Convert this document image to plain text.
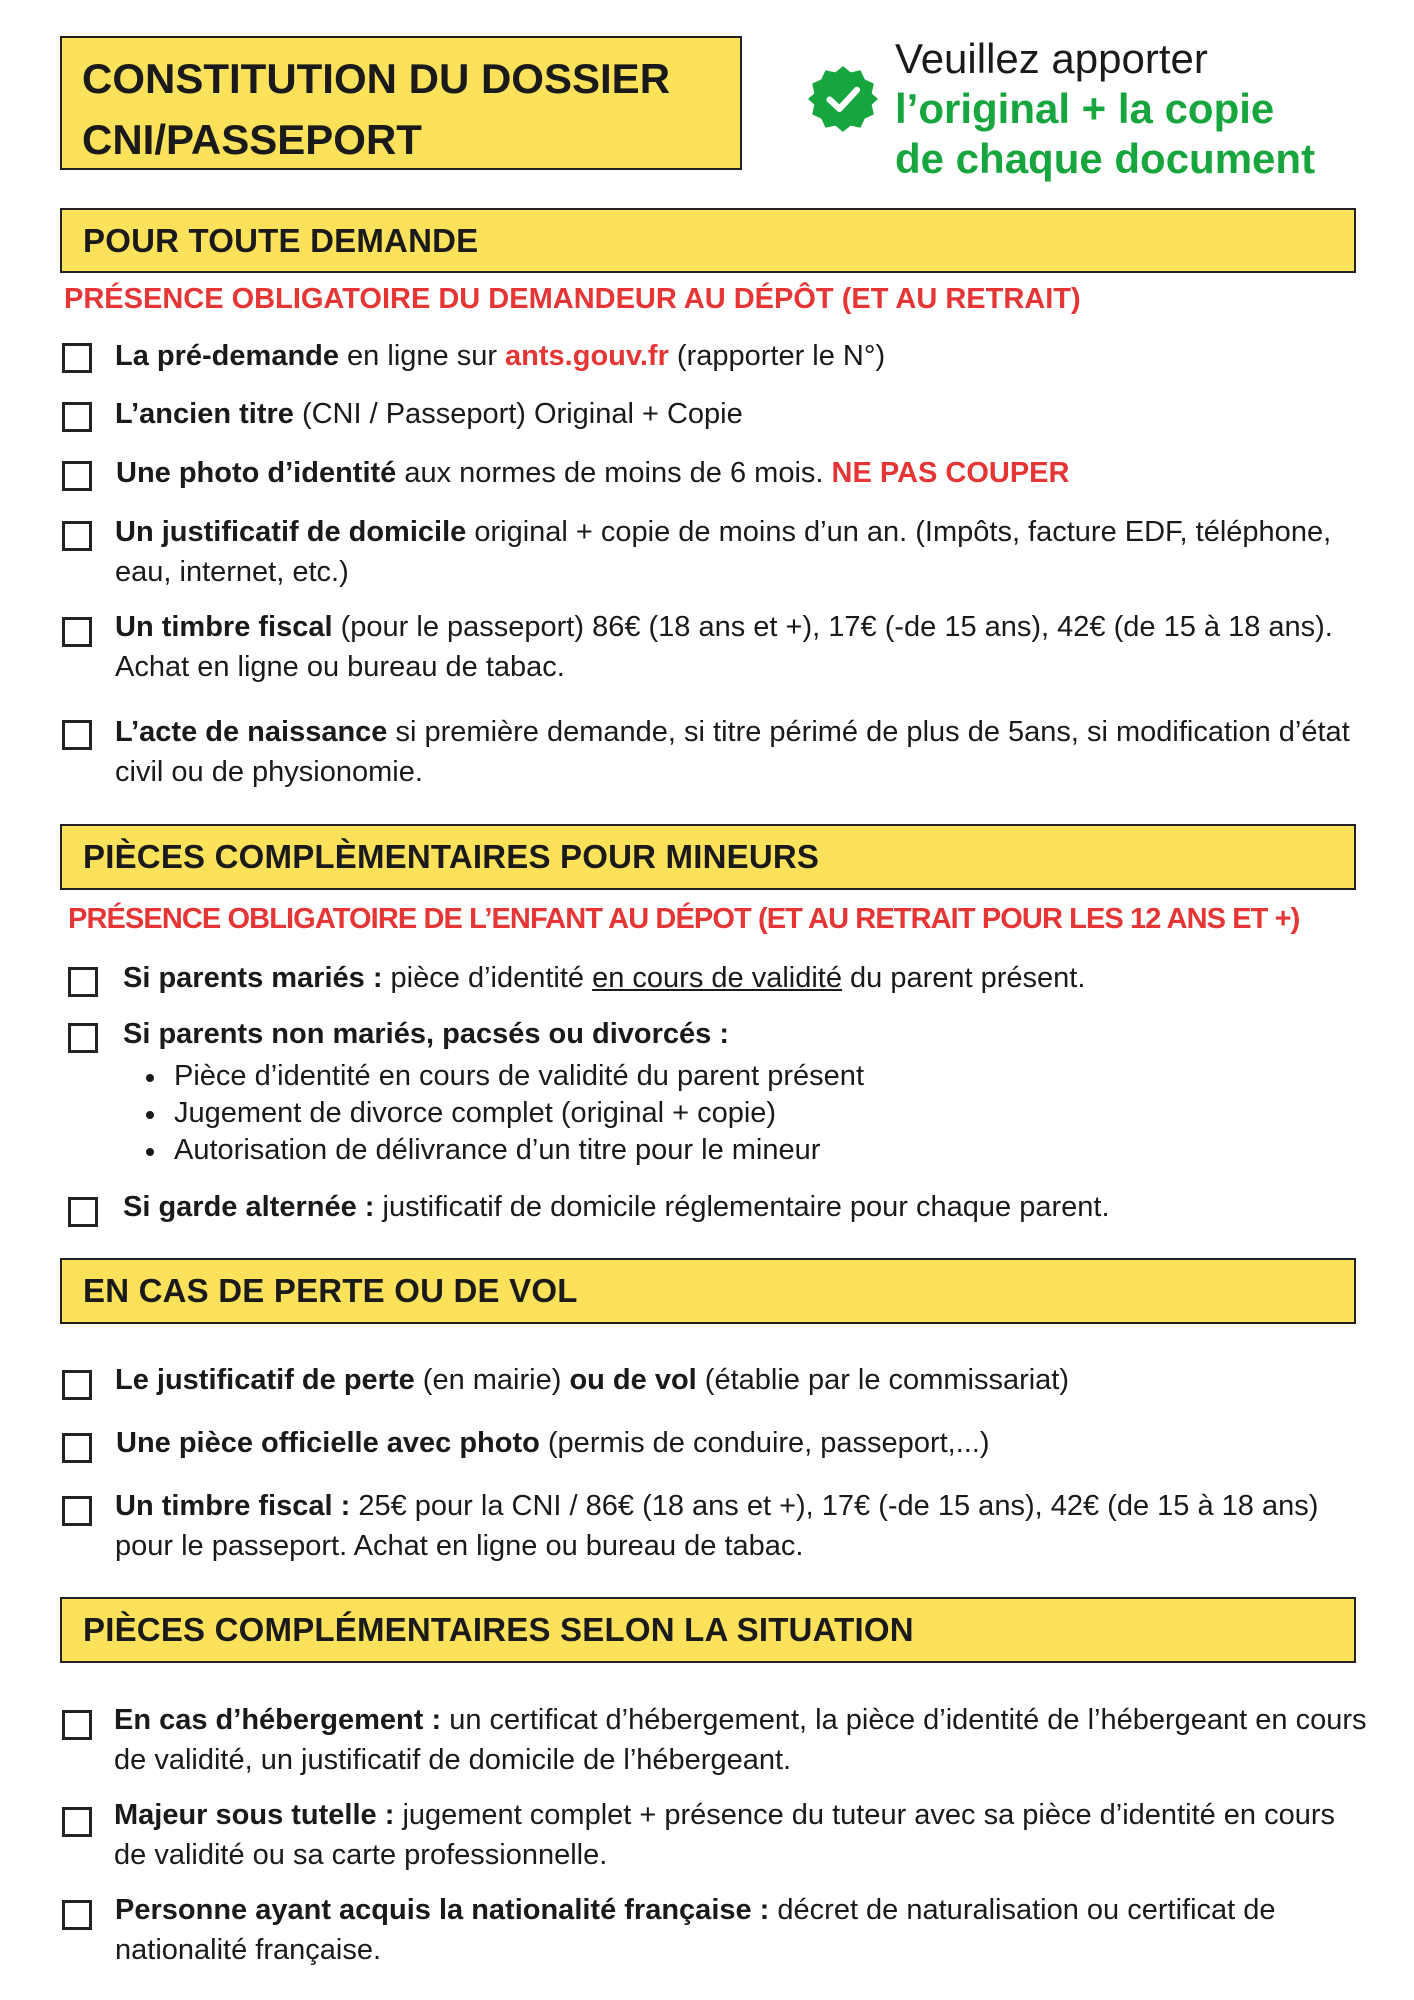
CONSTITUTION DU DOSSIER
CNI/PASSEPORT
Veuillez apporter
l’original + la copie
de chaque document
POUR TOUTE DEMANDE
PRÉSENCE OBLIGATOIRE DU DEMANDEUR AU DÉPÔT (ET AU RETRAIT)
La pré-demande en ligne sur ants.gouv.fr (rapporter le N°)
L’ancien titre (CNI / Passeport) Original + Copie
Une photo d’identité aux normes de moins de 6 mois. NE PAS COUPER
Un justificatif de domicile original + copie de moins d’un an. (Impôts, facture EDF, téléphone, eau, internet, etc.)
Un timbre fiscal (pour le passeport) 86€ (18 ans et +), 17€ (-de 15 ans), 42€ (de 15 à 18 ans). Achat en ligne ou bureau de tabac.
L’acte de naissance si première demande, si titre périmé de plus de 5ans, si modification d’état civil ou de physionomie.
PIÈCES COMPLÈMENTAIRES POUR MINEURS
PRÉSENCE OBLIGATOIRE DE L’ENFANT AU DÉPOT (ET AU RETRAIT POUR LES 12 ANS ET +)
Si parents mariés : pièce d’identité en cours de validité du parent présent.
Si parents non mariés, pacsés ou divorcés :
Pièce d’identité en cours de validité du parent présent
Jugement de divorce complet (original + copie)
Autorisation de délivrance d’un titre pour le mineur
Si garde alternée : justificatif de domicile réglementaire pour chaque parent.
EN CAS DE PERTE OU DE VOL
Le justificatif de perte (en mairie) ou de vol (établie par le commissariat)
Une pièce officielle avec photo (permis de conduire, passeport,...)
Un timbre fiscal : 25€ pour la CNI / 86€ (18 ans et +), 17€ (-de 15 ans), 42€ (de 15 à 18 ans) pour le passeport. Achat en ligne ou bureau de tabac.
PIÈCES COMPLÉMENTAIRES SELON LA SITUATION
En cas d’hébergement : un certificat d’hébergement, la pièce d’identité de l’hébergeant en cours de validité, un justificatif de domicile de l’hébergeant.
Majeur sous tutelle : jugement complet + présence du tuteur avec sa pièce d’identité en cours de validité ou sa carte professionnelle.
Personne ayant acquis la nationalité française : décret de naturalisation ou certificat de nationalité française.
